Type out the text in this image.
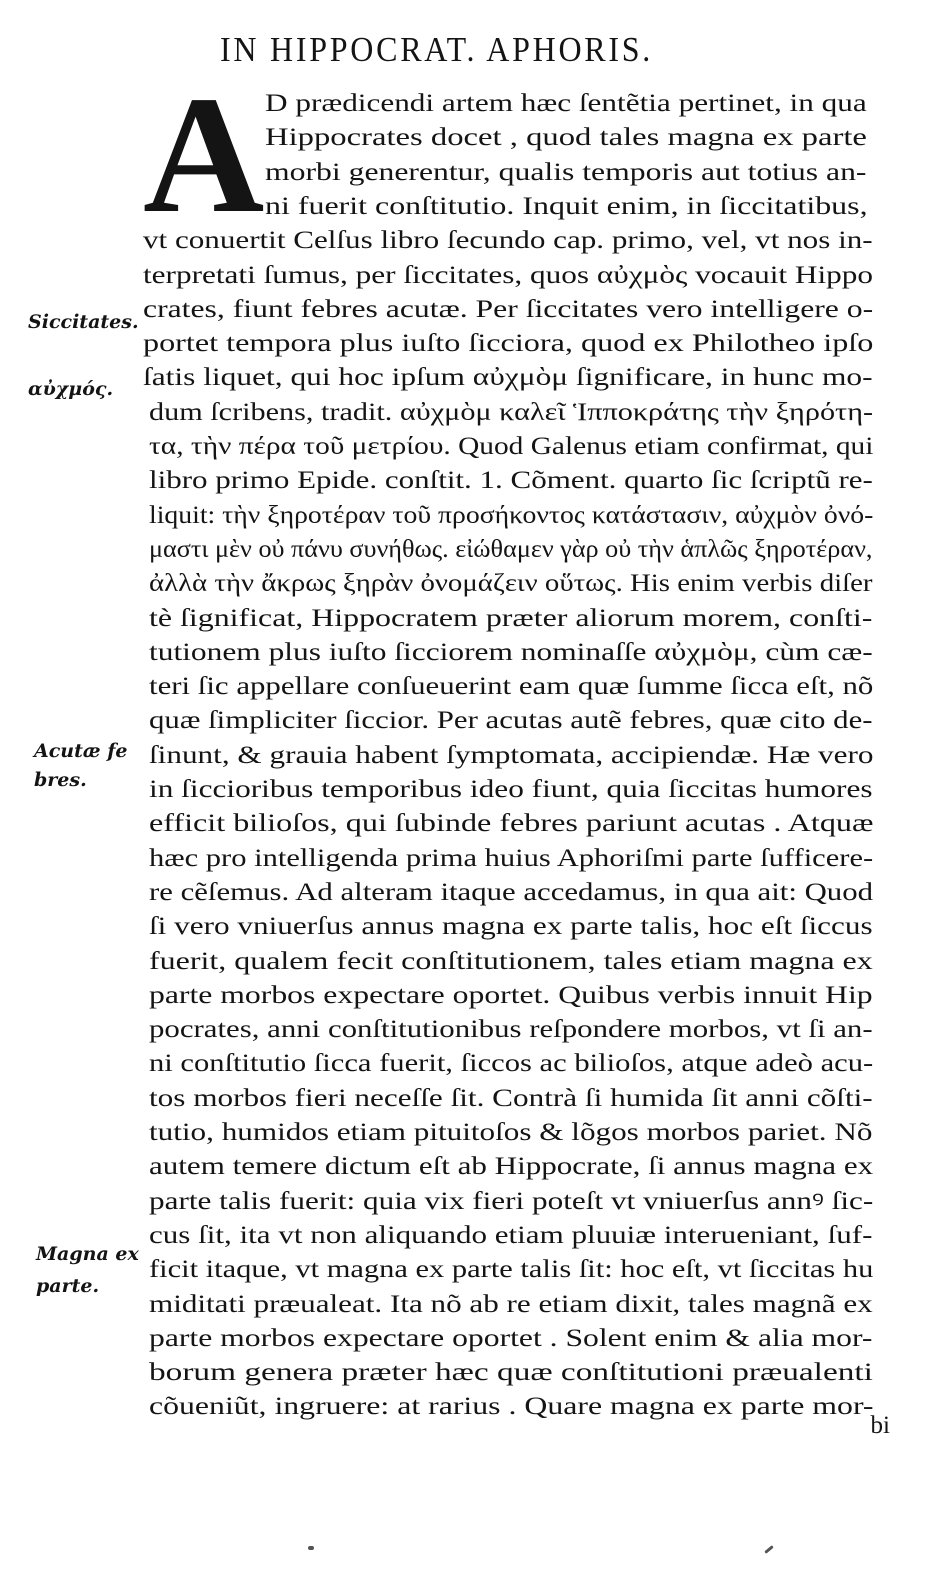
IN HIPPOCRAT. APHORIS.
A D prædicendi artem hæc ſentẽtia pertinet, in qua
Hippocrates docet , quod tales magna ex parte
morbi generentur, qualis temporis aut totius an-
ni fuerit conſtitutio. Inquit enim, in ſiccitatibus,
vt conuertit Celſus libro ſecundo cap. primo, vel, vt nos in-
terpretati ſumus, per ſiccitates, quos αὐχμὸς vocauit Hippo
crates, fiunt febres acutæ. Per ſiccitates vero intelligere o-
portet tempora plus iuſto ſicciora, quod ex Philotheo ipſo
ſatis liquet, qui hoc ipſum αὐχμὸμ ſignificare, in hunc mo-
dum ſcribens, tradit. αὐχμὸμ καλεῖ Ἱπποκράτης τὴν ξηρότη-
τα, τὴν πέρα τοῦ μετρίου. Quod Galenus etiam confirmat, qui
libro primo Epide. conſtit. 1. Cõment. quarto ſic ſcriptũ re-
liquit: τὴν ξηροτέραν τοῦ προσήκοντος κατάστασιν, αὐχμὸν ὀνό-
μαστι μὲν οὐ πάνυ συνήθως. εἰώθαμεν γὰρ οὐ τὴν ἁπλῶς ξηροτέραν,
ἀλλὰ τὴν ἄκρως ξηρὰν ὀνομάζειν οὕτως. His enim verbis diſer
tè ſignificat, Hippocratem præter aliorum morem, conſti-
tutionem plus iuſto ſicciorem nominaſſe αὐχμὸμ, cùm cæ-
teri ſic appellare conſueuerint eam quæ ſumme ſicca eſt, nõ
quæ ſimpliciter ſiccior. Per acutas autẽ febres, quæ cito de-
ſinunt, & grauia habent ſymptomata, accipiendæ. Hæ vero
in ſiccioribus temporibus ideo fiunt, quia ſiccitas humores
efficit bilioſos, qui ſubinde febres pariunt acutas . Atquæ
hæc pro intelligenda prima huius Aphoriſmi parte ſufficere-
re cẽſemus. Ad alteram itaque accedamus, in qua ait: Quod
ſi vero vniuerſus annus magna ex parte talis, hoc eſt ſiccus
fuerit, qualem fecit conſtitutionem, tales etiam magna ex
parte morbos expectare oportet. Quibus verbis innuit Hip
pocrates, anni conſtitutionibus reſpondere morbos, vt ſi an-
ni conſtitutio ſicca fuerit, ſiccos ac bilioſos, atque adeò acu-
tos morbos fieri neceſſe ſit. Contrà ſi humida ſit anni cõſti-
tutio, humidos etiam pituitoſos & lõgos morbos pariet. Nõ
autem temere dictum eſt ab Hippocrate, ſi annus magna ex
parte talis fuerit: quia vix fieri poteſt vt vniuerſus annꝰ ſic-
cus ſit, ita vt non aliquando etiam pluuiæ interueniant, ſuf-
ficit itaque, vt magna ex parte talis ſit: hoc eſt, vt ſiccitas hu
miditati præualeat. Ita nõ ab re etiam dixit, tales magnã ex
parte morbos expectare oportet . Solent enim & alia mor-
borum genera præter hæc quæ conſtitutioni præualenti
cõueniũt, ingruere: at rarius . Quare magna ex parte mor-
Siccitates.
αὐχμός.
Acutæ fe
bres.
Magna ex
parte.
bi
